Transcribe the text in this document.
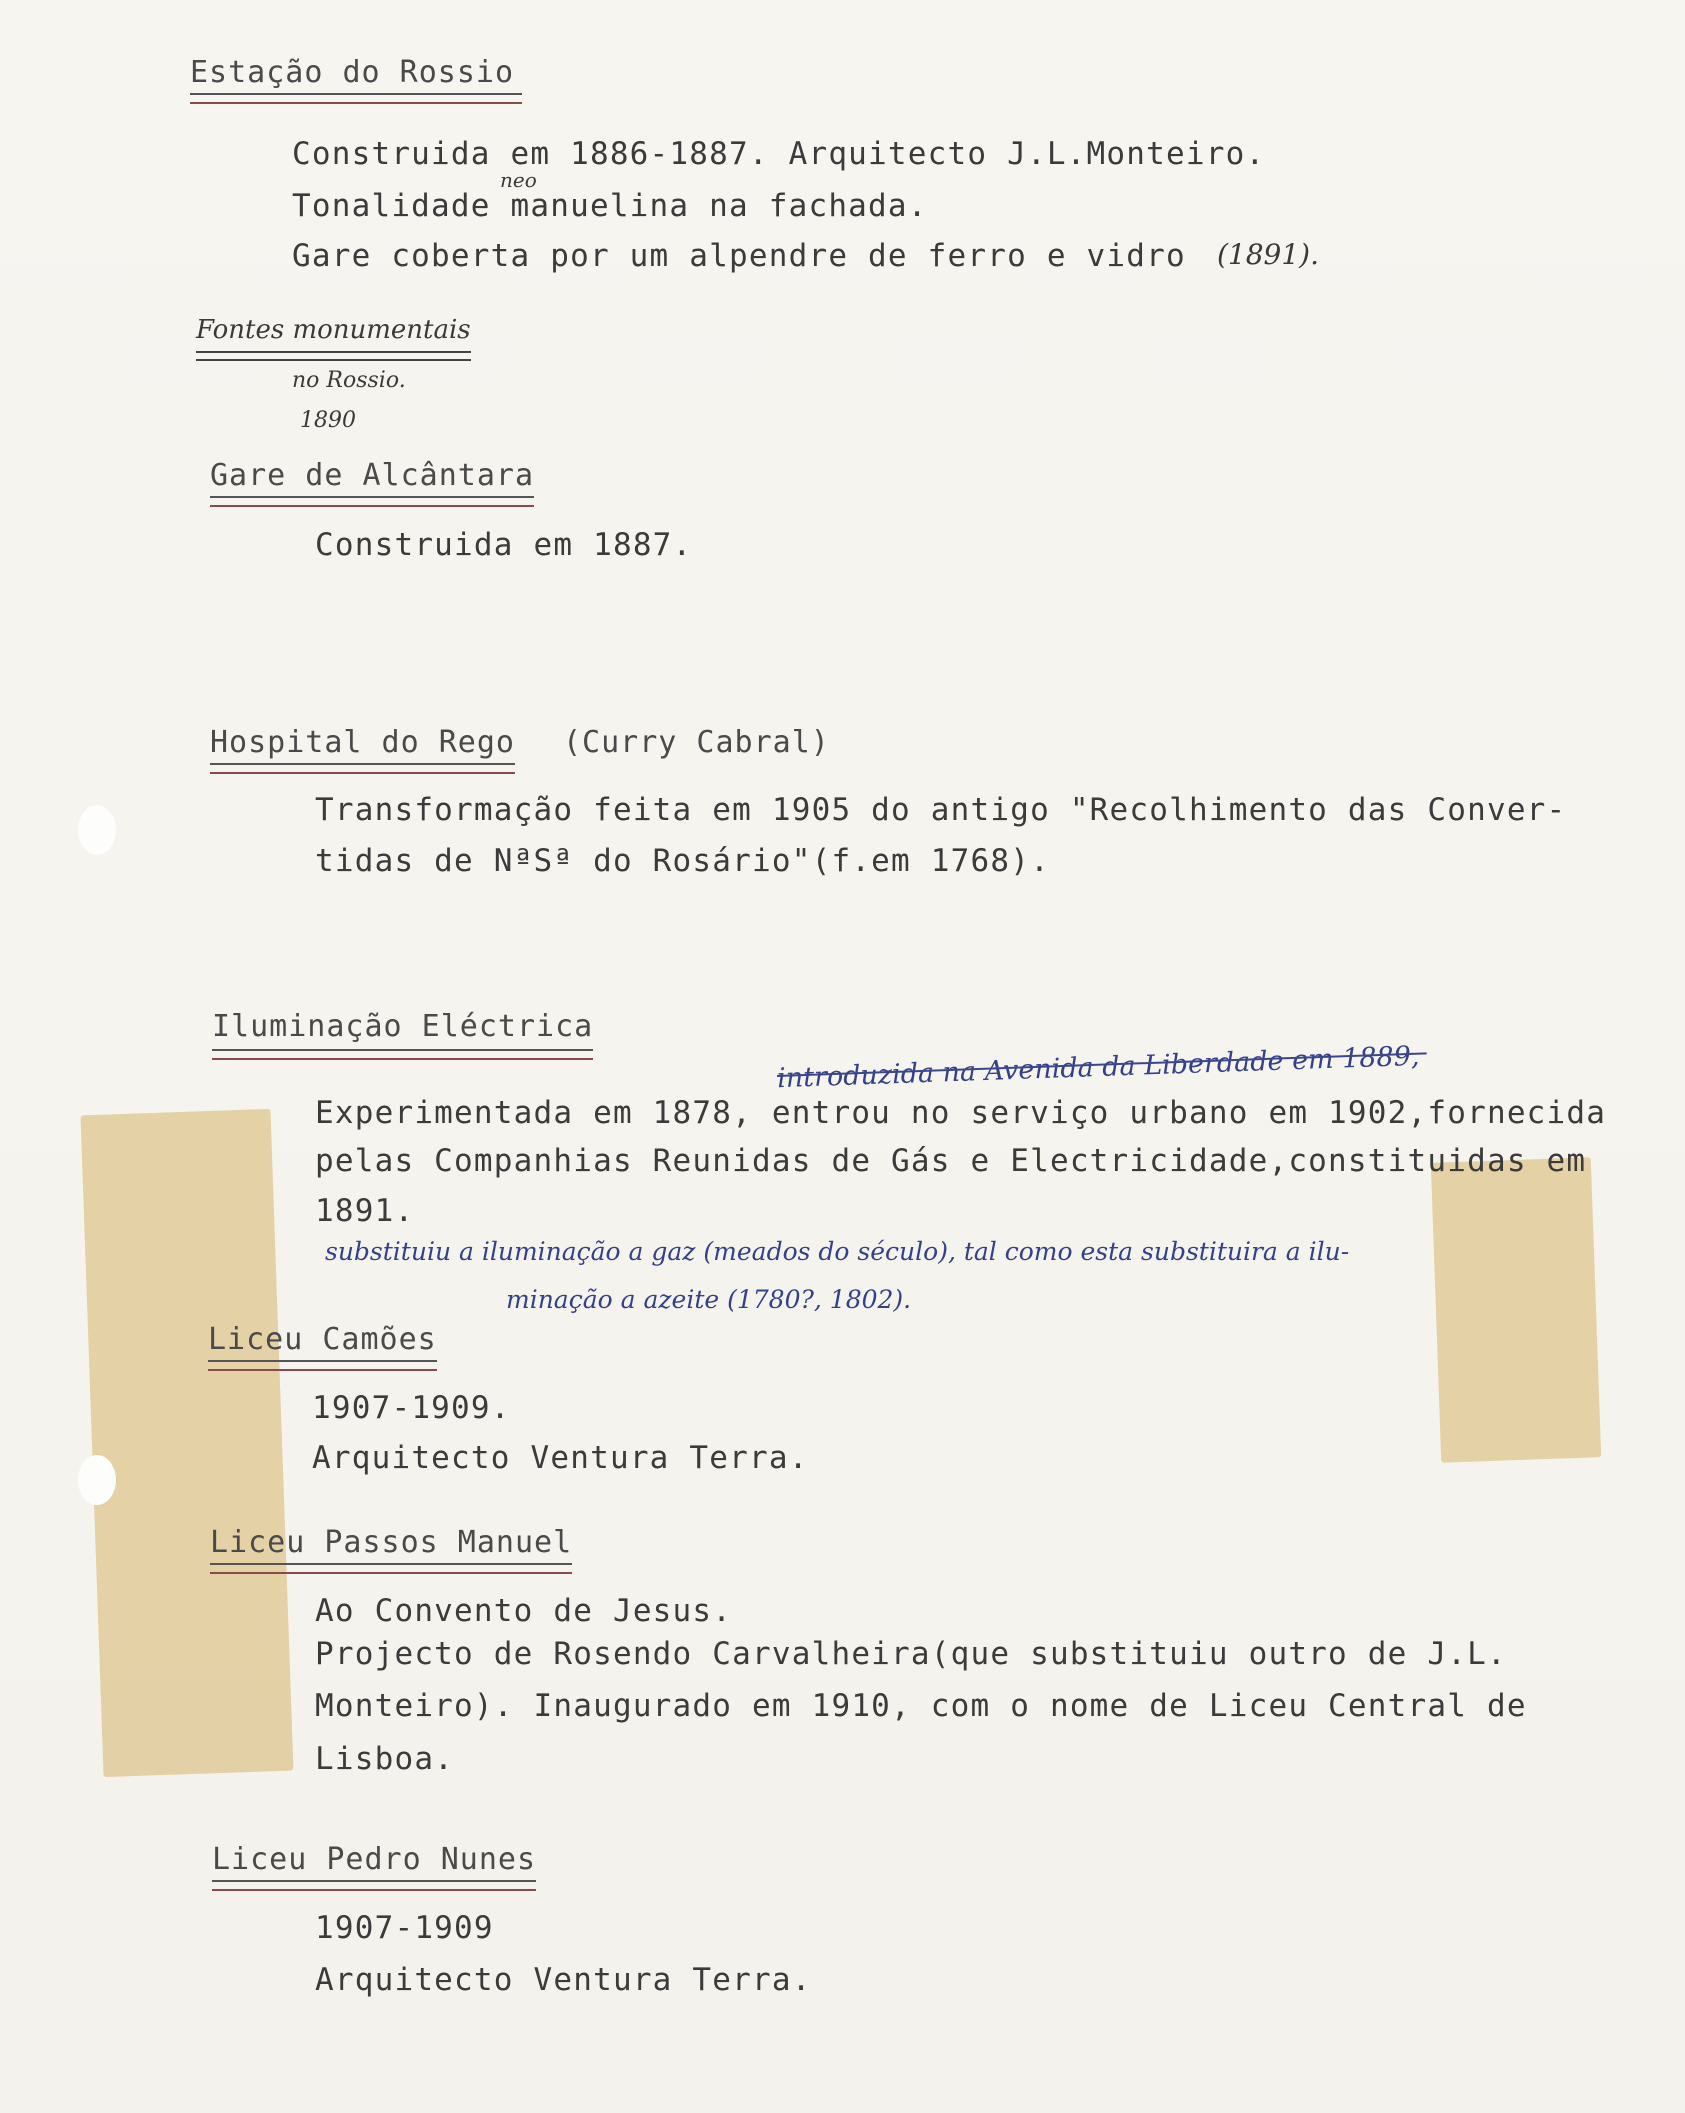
Estação do Rossio
Construida em 1886-1887. Arquitecto J.L.Monteiro.
Tonalidade manuelina na fachada.
neo
Gare coberta por um alpendre de ferro e vidro (1891).
Fontes monumentais
no Rossio.
1890
Gare de Alcântara
Construida em 1887.
Hospital do Rego (Curry Cabral)
Transformação feita em 1905 do antigo "Recolhimento das Conver-
tidas de NªSª do Rosário"(f.em 1768).
Iluminação Eléctrica
introduzida na Avenida da Liberdade em 1889,
Experimentada em 1878, entrou no serviço urbano em 1902,fornecida
pelas Companhias Reunidas de Gás e Electricidade,constituidas em
1891.
substituiu a iluminação a gaz (meados do século), tal como esta substituira a ilu-
minação a azeite (1780?, 1802).
Liceu Camões
1907-1909.
Arquitecto Ventura Terra.
Liceu Passos Manuel
Ao Convento de Jesus.
Projecto de Rosendo Carvalheira(que substituiu outro de J.L.
Monteiro). Inaugurado em 1910, com o nome de Liceu Central de
Lisboa.
Liceu Pedro Nunes
1907-1909
Arquitecto Ventura Terra.
